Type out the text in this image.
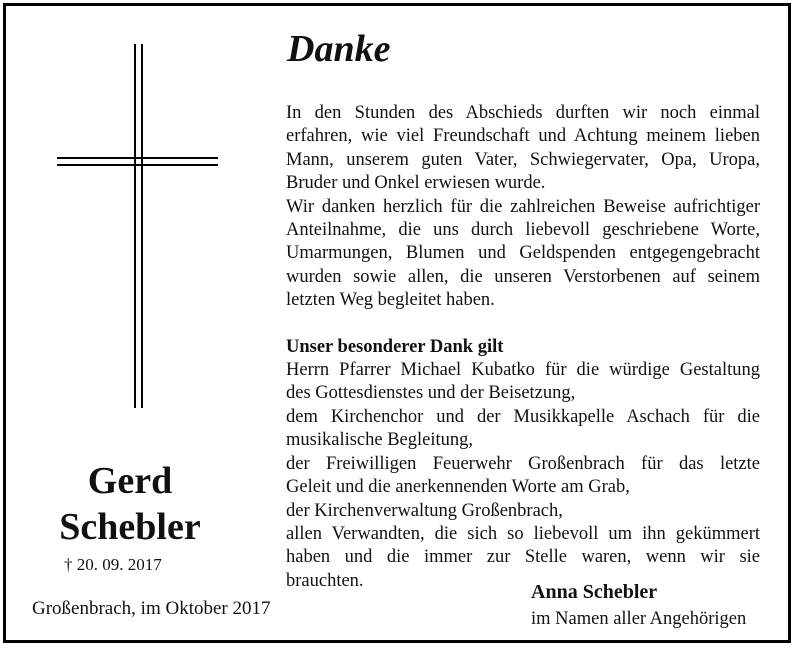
Gerd
Schebler
† 20. 09. 2017
Großenbrach, im Oktober 2017
Danke

In den Stunden des Abschieds durften wir noch einmal

erfahren, wie viel Freundschaft und Achtung meinem lieben

Mann, unserem guten Vater, Schwiegervater, Opa, Uropa,

Bruder und Onkel erwiesen wurde.

Wir danken herzlich für die zahlreichen Beweise aufrichtiger

Anteilnahme, die uns durch liebevoll geschriebene Worte,

Umarmungen, Blumen und Geldspenden entgegengebracht

wurden sowie allen, die unseren Verstorbenen auf seinem

letzten Weg begleitet haben.

Unser besonderer Dank gilt

Herrn Pfarrer Michael Kubatko für die würdige Gestaltung

des Gottesdienstes und der Beisetzung,

dem Kirchenchor und der Musikkapelle Aschach für die

musikalische Begleitung,

der Freiwilligen Feuerwehr Großenbrach für das letzte

Geleit und die anerkennenden Worte am Grab,

der Kirchenverwaltung Großenbrach,

allen Verwandten, die sich so liebevoll um ihn gekümmert

haben und die immer zur Stelle waren, wenn wir sie

brauchten.

Anna Schebler
im Namen aller Angehörigen
